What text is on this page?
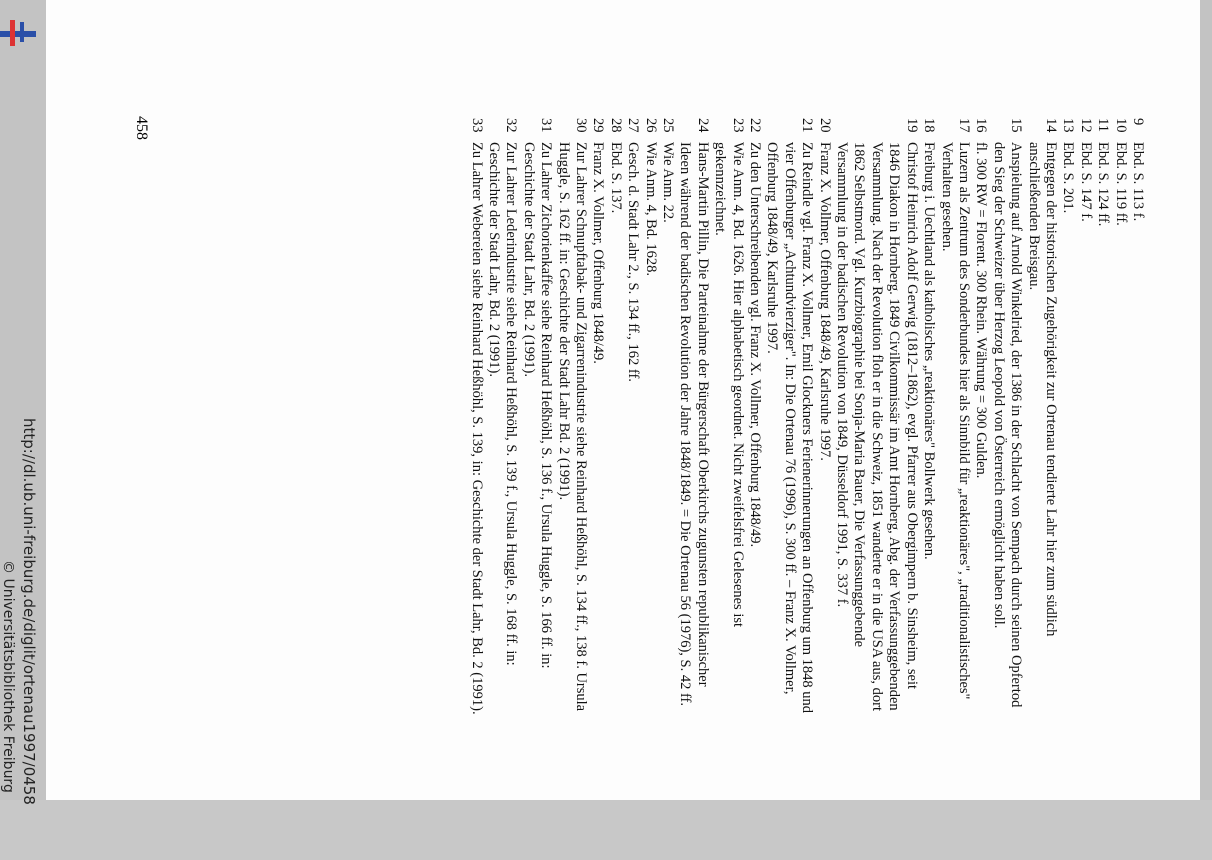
http://dl.ub.uni-freiburg.de/diglit/ortenau1997/0458
© Universitätsbibliothek Freiburg
458	9
Ebd. S. 113 f.
10
Ebd. S. 119 ff.
11
Ebd. S. 124 ff.
12
Ebd. S. 147 f.
13
Ebd. S. 201.
14
Entgegen der historischen Zugehörigkeit zur Ortenau tendierte Lahr hier zum südlich anschließenden Breisgau.
15
Anspielung auf Arnold Winkelried, der 1386 in der Schlacht von Sempach durch seinen Opfertod den Sieg der Schweizer über Herzog Leopold von Österreich ermöglicht haben soll.
16
fl. 300 RW = Florent. 300 Rhein. Währung = 300 Gulden.
17
Luzern als Zentrum des Sonderbundes hier als Sinnbild für „reaktionäres", „traditionalistisches" Verhalten gesehen.
18
Freiburg i. Uechtland als katholisches „reaktionäres" Bollwerk gesehen.
19
Christof Heinrich Adolf Gerwig (1812–1862), evgl. Pfarrer aus Obergimpern b. Sinsheim, seit 1846 Diakon in Hornberg. 1849 Civilkommissär im Amt Hornberg, Abg. der Verfassunggebenden Versammlung. Nach der Revolution floh er in die Schweiz, 1851 wanderte er in die USA aus, dort 1862 Selbstmord. Vgl. Kurzbiographie bei Sonja-Maria Bauer, Die Verfassunggebende Versammlung in der badischen Revolution von 1849, Düsseldorf 1991, S. 337 f.
20
Franz X. Vollmer, Offenburg 1848/49, Karlsruhe 1997.
21
Zu Reindle vgl. Franz X. Vollmer, Emil Glockners Ferienerinnerungen an Offenburg um 1848 und vier Offenburger „Achtundvierziger". In: Die Ortenau 76 (1996), S. 300 ff. – Franz X. Vollmer, Offenburg 1848/49, Karlsruhe 1997.
22
Zu den Unterschreibenden vgl. Franz X. Vollmer, Offenburg 1848/49.
23
Wie Anm. 4, Bd. 1626. Hier alphabetisch geordnet. Nicht zweifelsfrei Gelesenes ist gekennzeichnet.
24
Hans-Martin Pillin, Die Parteinahme der Bürgerschaft Oberkirchs zugunsten republikanischer Ideen während der badischen Revolution der Jahre 1848/1849. = Die Ortenau 56 (1976), S. 42 ff.
25
Wie Anm. 22.
26
Wie Anm. 4, Bd. 1628.
27
Gesch. d. Stadt Lahr 2., S. 134 ff., 162 ff.
28
Ebd. S. 137.
29
Franz X. Vollmer, Offenburg 1848/49.
30
Zur Lahrer Schnupftabak- und Zigarrenindustrie siehe Reinhard Heßhöhl, S. 134 ff., 138 f. Ursula Huggle, S. 162 ff. in: Geschichte der Stadt Lahr Bd. 2 (1991).
31
Zu Lahrer Zichorienkaffee siehe Reinhard Heßhöhl, S. 136 f., Ursula Huggle, S. 166 ff. in: Geschichte der Stadt Lahr, Bd. 2 (1991).
32
Zur Lahrer Lederindustrie siehe Reinhard Heßhöhl, S. 139 f., Ursula Huggle, S. 168 ff. in: Geschichte der Stadt Lahr, Bd. 2 (1991).
33
Zu Lahrer Webereien siehe Reinhard Heßhöhl, S. 139, in: Geschichte der Stadt Lahr, Bd. 2 (1991).
